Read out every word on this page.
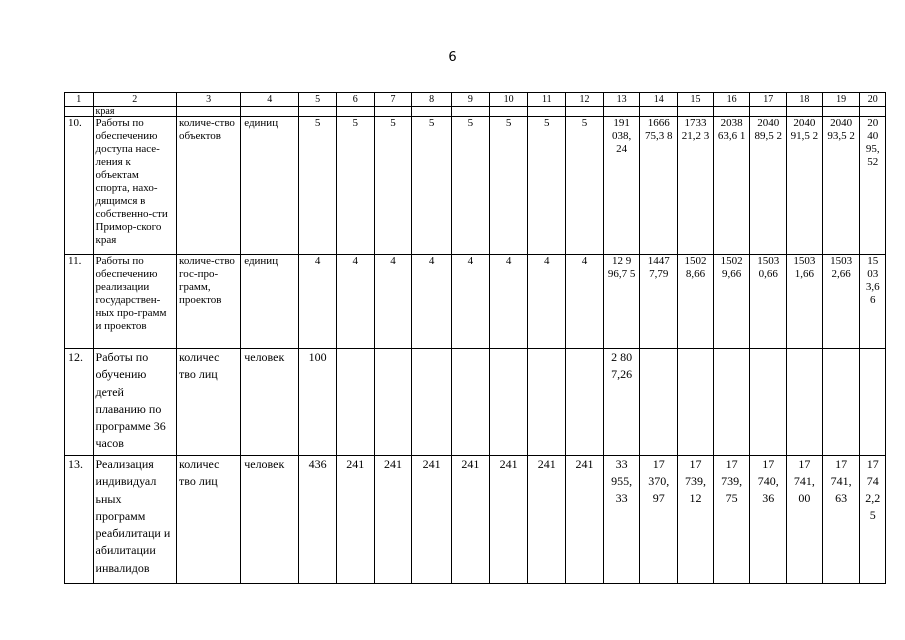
6
1	2	3	4	5	6	7	8	9	10	11	12	13	14	15	16	17	18	19	20
	края																		
10.	Работы по обеспечению доступа насе-ления к объектам спорта, нахо-дящимся в собственно-сти Примор-ского края	количе-ство объектов	единиц	5	5	5	5	5	5	5	5	191 038, 24	1666 75,3 8	1733 21,2 3	2038 63,6 1	2040 89,5 2	2040 91,5 2	2040 93,5 2	20 40 95, 52
11.	Работы по обеспечению реализации государствен-ных про-грамм и проектов	количе-ство гос-про-грамм, проектов	единиц	4	4	4	4	4	4	4	4	12 9 96,7 5	1447 7,79	1502 8,66	1502 9,66	1503 0,66	1503 1,66	1503 2,66	15 03 3,6 6
12.	Работы по обучению детей плаванию по программе 36 часов	количес тво лиц	человек	100								2 80 7,26							
13.	Реализация индивидуал ьных программ реабилитаци и абилитации инвалидов	количес тво лиц	человек	436	241	241	241	241	241	241	241	33 955, 33	17 370, 97	17 739, 12	17 739, 75	17 740, 36	17 741, 00	17 741, 63	17 74 2,2 5
